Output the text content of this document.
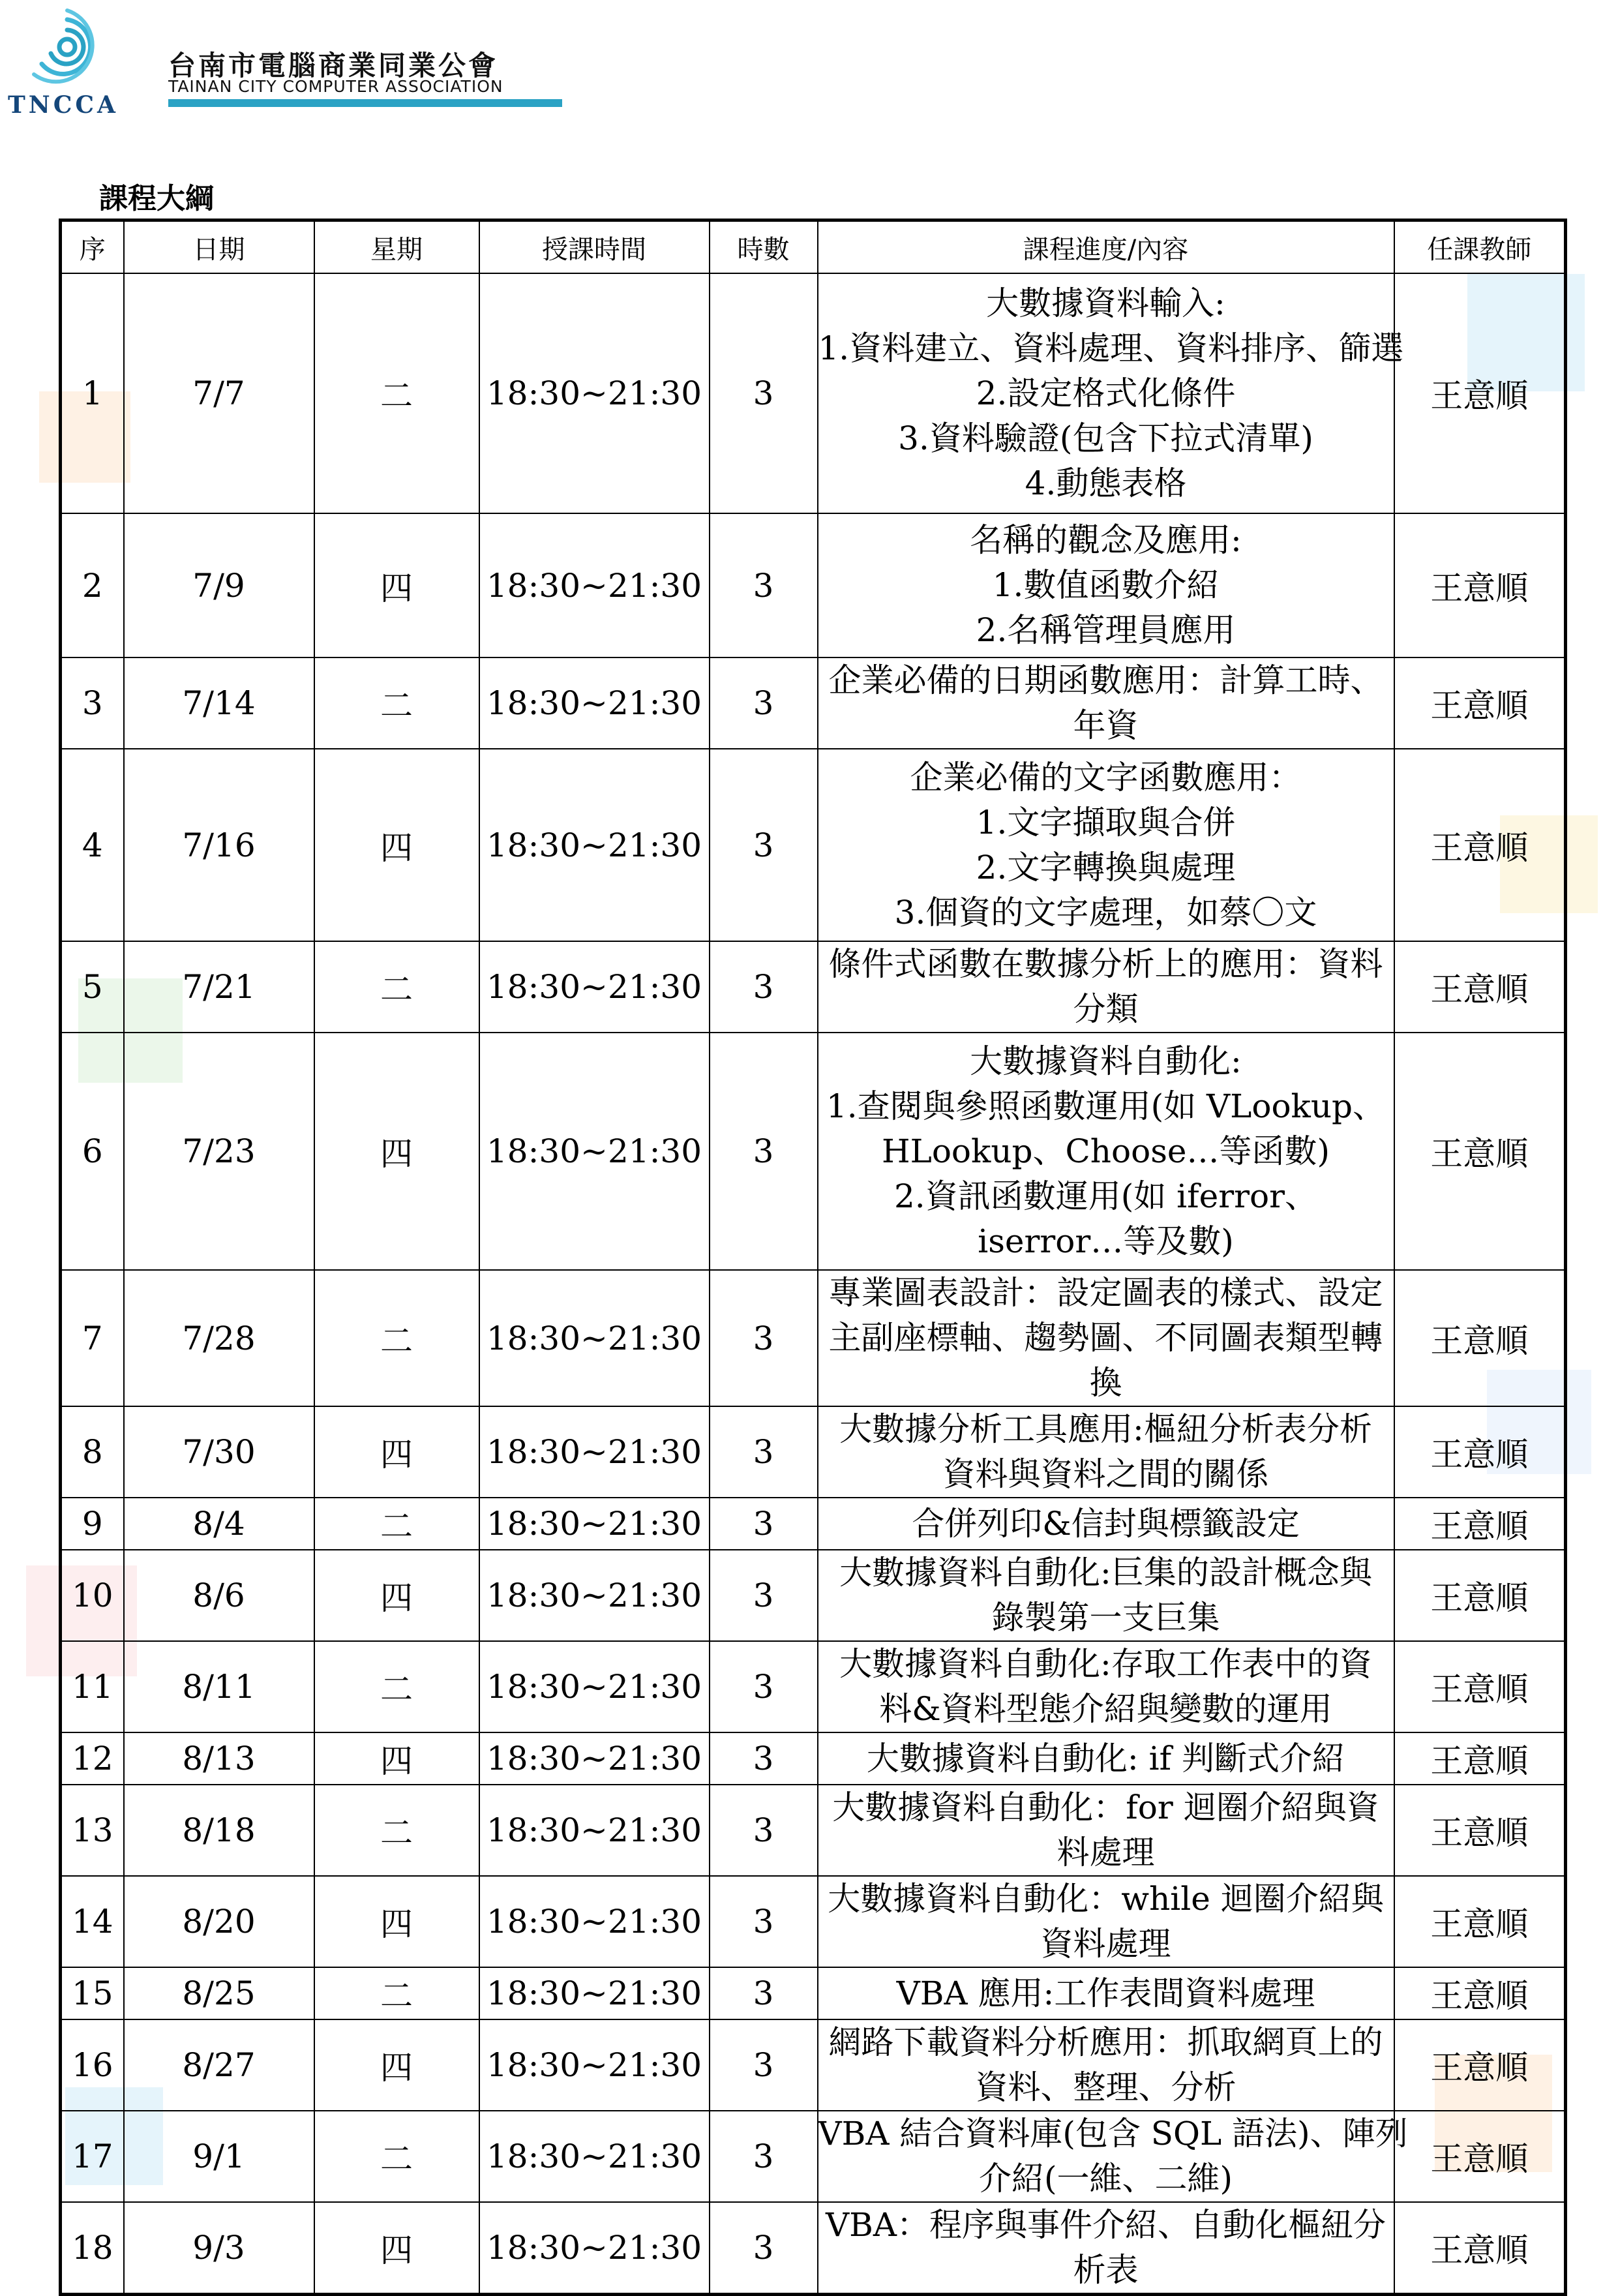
TNCCA
台南市電腦商業同業公會
TAINAN CITY COMPUTER ASSOCIATION
課程大綱
序	日期	星期	授課時間	時數	課程進度/內容	任課教師
1	7/7	二	18:30~21:30	3	大數據資料輸入:
1.資料建立、資料處理、資料排序、篩選
2.設定格式化條件
3.資料驗證(包含下拉式清單)
4.動態表格	王意順
2	7/9	四	18:30~21:30	3	名稱的觀念及應用:
1.數值函數介紹
2.名稱管理員應用	王意順
3	7/14	二	18:30~21:30	3	企業必備的日期函數應用：計算工時、
年資	王意順
4	7/16	四	18:30~21:30	3	企業必備的文字函數應用：
1.文字擷取與合併
2.文字轉換與處理
3.個資的文字處理，如蔡〇文	王意順
5	7/21	二	18:30~21:30	3	條件式函數在數據分析上的應用：資料
分類	王意順
6	7/23	四	18:30~21:30	3	大數據資料自動化:
1.查閱與參照函數運用(如 VLookup、
HLookup、Choose…等函數)
2.資訊函數運用(如 iferror、
iserror…等及數)	王意順
7	7/28	二	18:30~21:30	3	專業圖表設計：設定圖表的樣式、設定
主副座標軸、趨勢圖、不同圖表類型轉
換	王意順
8	7/30	四	18:30~21:30	3	大數據分析工具應用:樞紐分析表分析
資料與資料之間的關係	王意順
9	8/4	二	18:30~21:30	3	合併列印&信封與標籤設定	王意順
10	8/6	四	18:30~21:30	3	大數據資料自動化:巨集的設計概念與
錄製第一支巨集	王意順
11	8/11	二	18:30~21:30	3	大數據資料自動化:存取工作表中的資
料&資料型態介紹與變數的運用	王意順
12	8/13	四	18:30~21:30	3	大數據資料自動化: if 判斷式介紹	王意順
13	8/18	二	18:30~21:30	3	大數據資料自動化：for 迴圈介紹與資
料處理	王意順
14	8/20	四	18:30~21:30	3	大數據資料自動化：while 迴圈介紹與
資料處理	王意順
15	8/25	二	18:30~21:30	3	VBA 應用:工作表間資料處理	王意順
16	8/27	四	18:30~21:30	3	網路下載資料分析應用：抓取網頁上的
資料、整理、分析	王意順
17	9/1	二	18:30~21:30	3	VBA 結合資料庫(包含 SQL 語法)、陣列
介紹(一維、二維)	王意順
18	9/3	四	18:30~21:30	3	VBA：程序與事件介紹、自動化樞紐分
析表	王意順
